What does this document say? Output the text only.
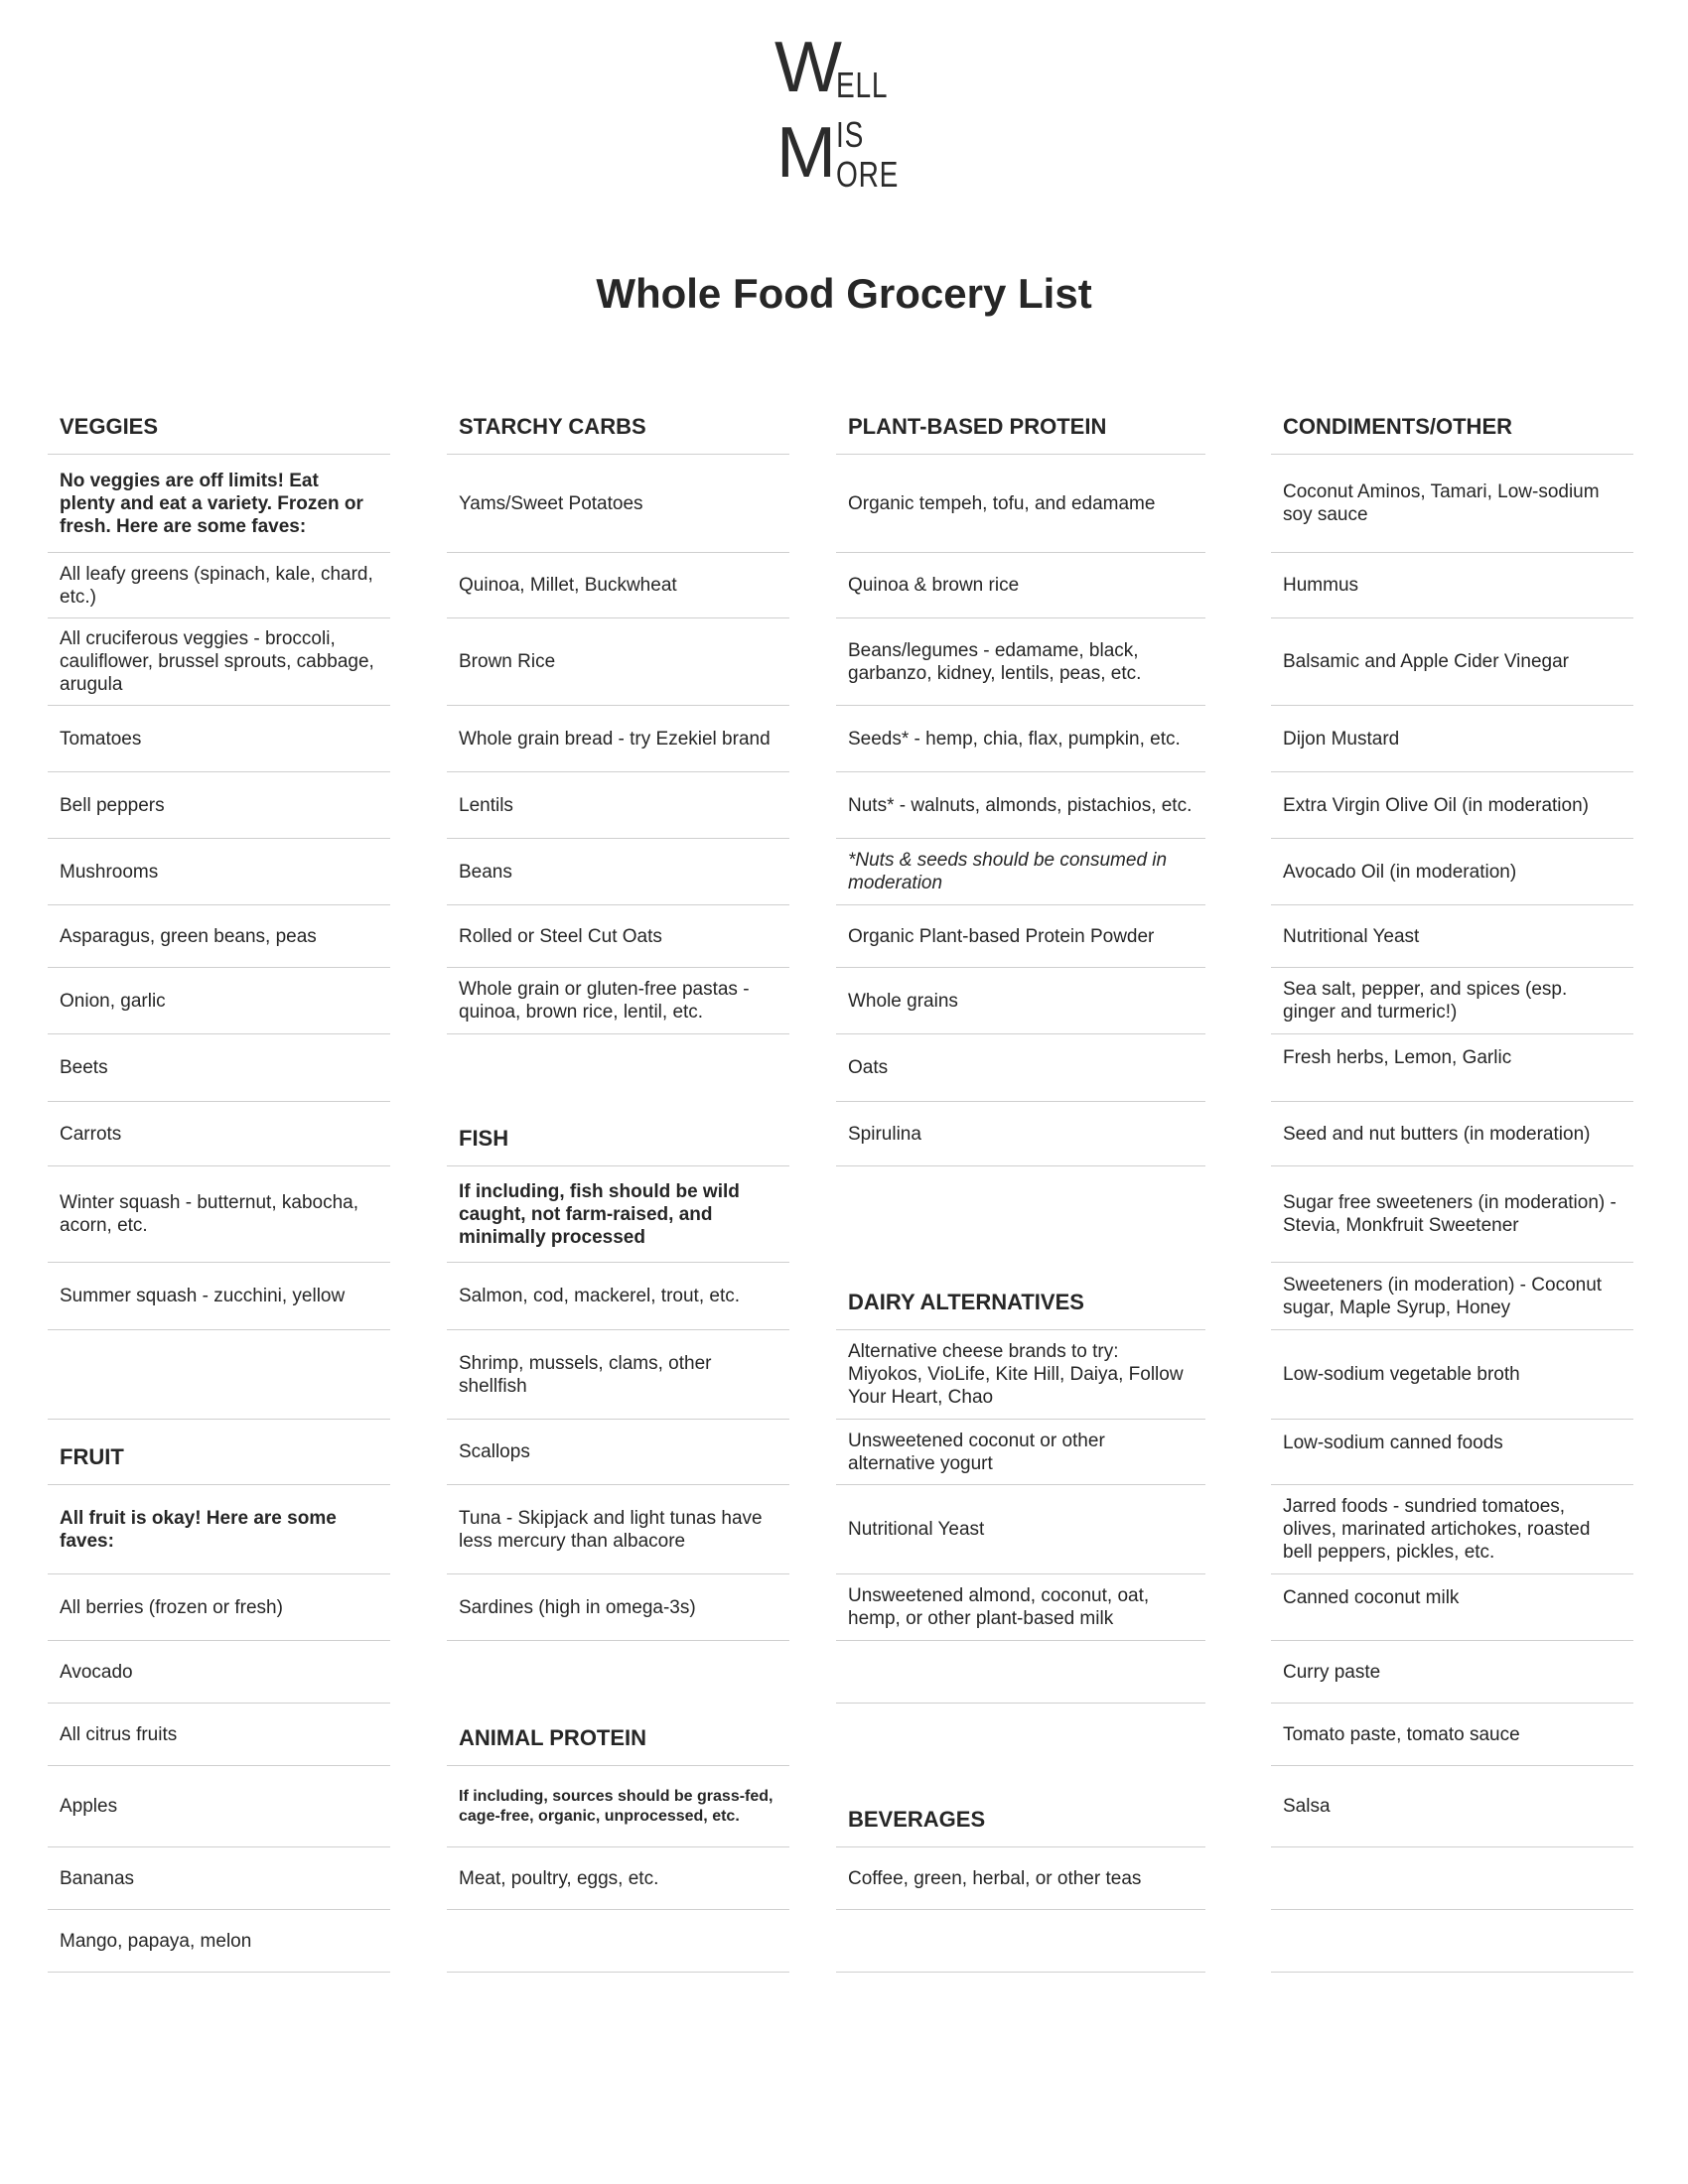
W
ELL
IS
M ORE
Whole Food Grocery List
VEGGIES
No veggies are off limits! Eat plenty and eat a variety. Frozen or fresh. Here are some faves:
All leafy greens (spinach, kale, chard, etc.)
All cruciferous veggies - broccoli, cauliflower, brussel sprouts, cabbage, arugula
Tomatoes
Bell peppers
Mushrooms
Asparagus, green beans, peas
Onion, garlic
Beets
Carrots
Winter squash - butternut, kabocha, acorn, etc.
Summer squash - zucchini, yellow
FRUIT
All fruit is okay! Here are some faves:
All berries (frozen or fresh)
Avocado
All citrus fruits
Apples
Bananas
Mango, papaya, melon
STARCHY CARBS
Yams/Sweet Potatoes
Quinoa, Millet, Buckwheat
Brown Rice
Whole grain bread - try Ezekiel brand
Lentils
Beans
Rolled or Steel Cut Oats
Whole grain or gluten-free pastas - quinoa, brown rice, lentil, etc.
FISH
If including, fish should be wild caught, not farm-raised, and minimally processed
Salmon, cod, mackerel, trout, etc.
Shrimp, mussels, clams, other shellfish
Scallops
Tuna - Skipjack and light tunas have less mercury than albacore
Sardines (high in omega-3s)
ANIMAL PROTEIN
If including, sources should be grass-fed, cage-free, organic, unprocessed, etc.
Meat, poultry, eggs, etc.
PLANT-BASED PROTEIN
Organic tempeh, tofu, and edamame
Quinoa & brown rice
Beans/legumes - edamame, black, garbanzo, kidney, lentils, peas, etc.
Seeds* - hemp, chia, flax, pumpkin, etc.
Nuts* - walnuts, almonds, pistachios, etc.
*Nuts & seeds should be consumed in moderation
Organic Plant-based Protein Powder
Whole grains
Oats
Spirulina
DAIRY ALTERNATIVES
Alternative cheese brands to try: Miyokos, VioLife, Kite Hill, Daiya, Follow Your Heart, Chao
Unsweetened coconut or other alternative yogurt
Nutritional Yeast
Unsweetened almond, coconut, oat, hemp, or other plant-based milk
BEVERAGES
Coffee, green, herbal, or other teas
CONDIMENTS/OTHER
Coconut Aminos, Tamari, Low-sodium soy sauce
Hummus
Balsamic and Apple Cider Vinegar
Dijon Mustard
Extra Virgin Olive Oil (in moderation)
Avocado Oil (in moderation)
Nutritional Yeast
Sea salt, pepper, and spices (esp. ginger and turmeric!)
Fresh herbs, Lemon, Garlic
Seed and nut butters (in moderation)
Sugar free sweeteners (in moderation) - Stevia, Monkfruit Sweetener
Sweeteners (in moderation) - Coconut sugar, Maple Syrup, Honey
Low-sodium vegetable broth
Low-sodium canned foods
Jarred foods - sundried tomatoes, olives, marinated artichokes, roasted bell peppers, pickles, etc.
Canned coconut milk
Curry paste
Tomato paste, tomato sauce
Salsa
